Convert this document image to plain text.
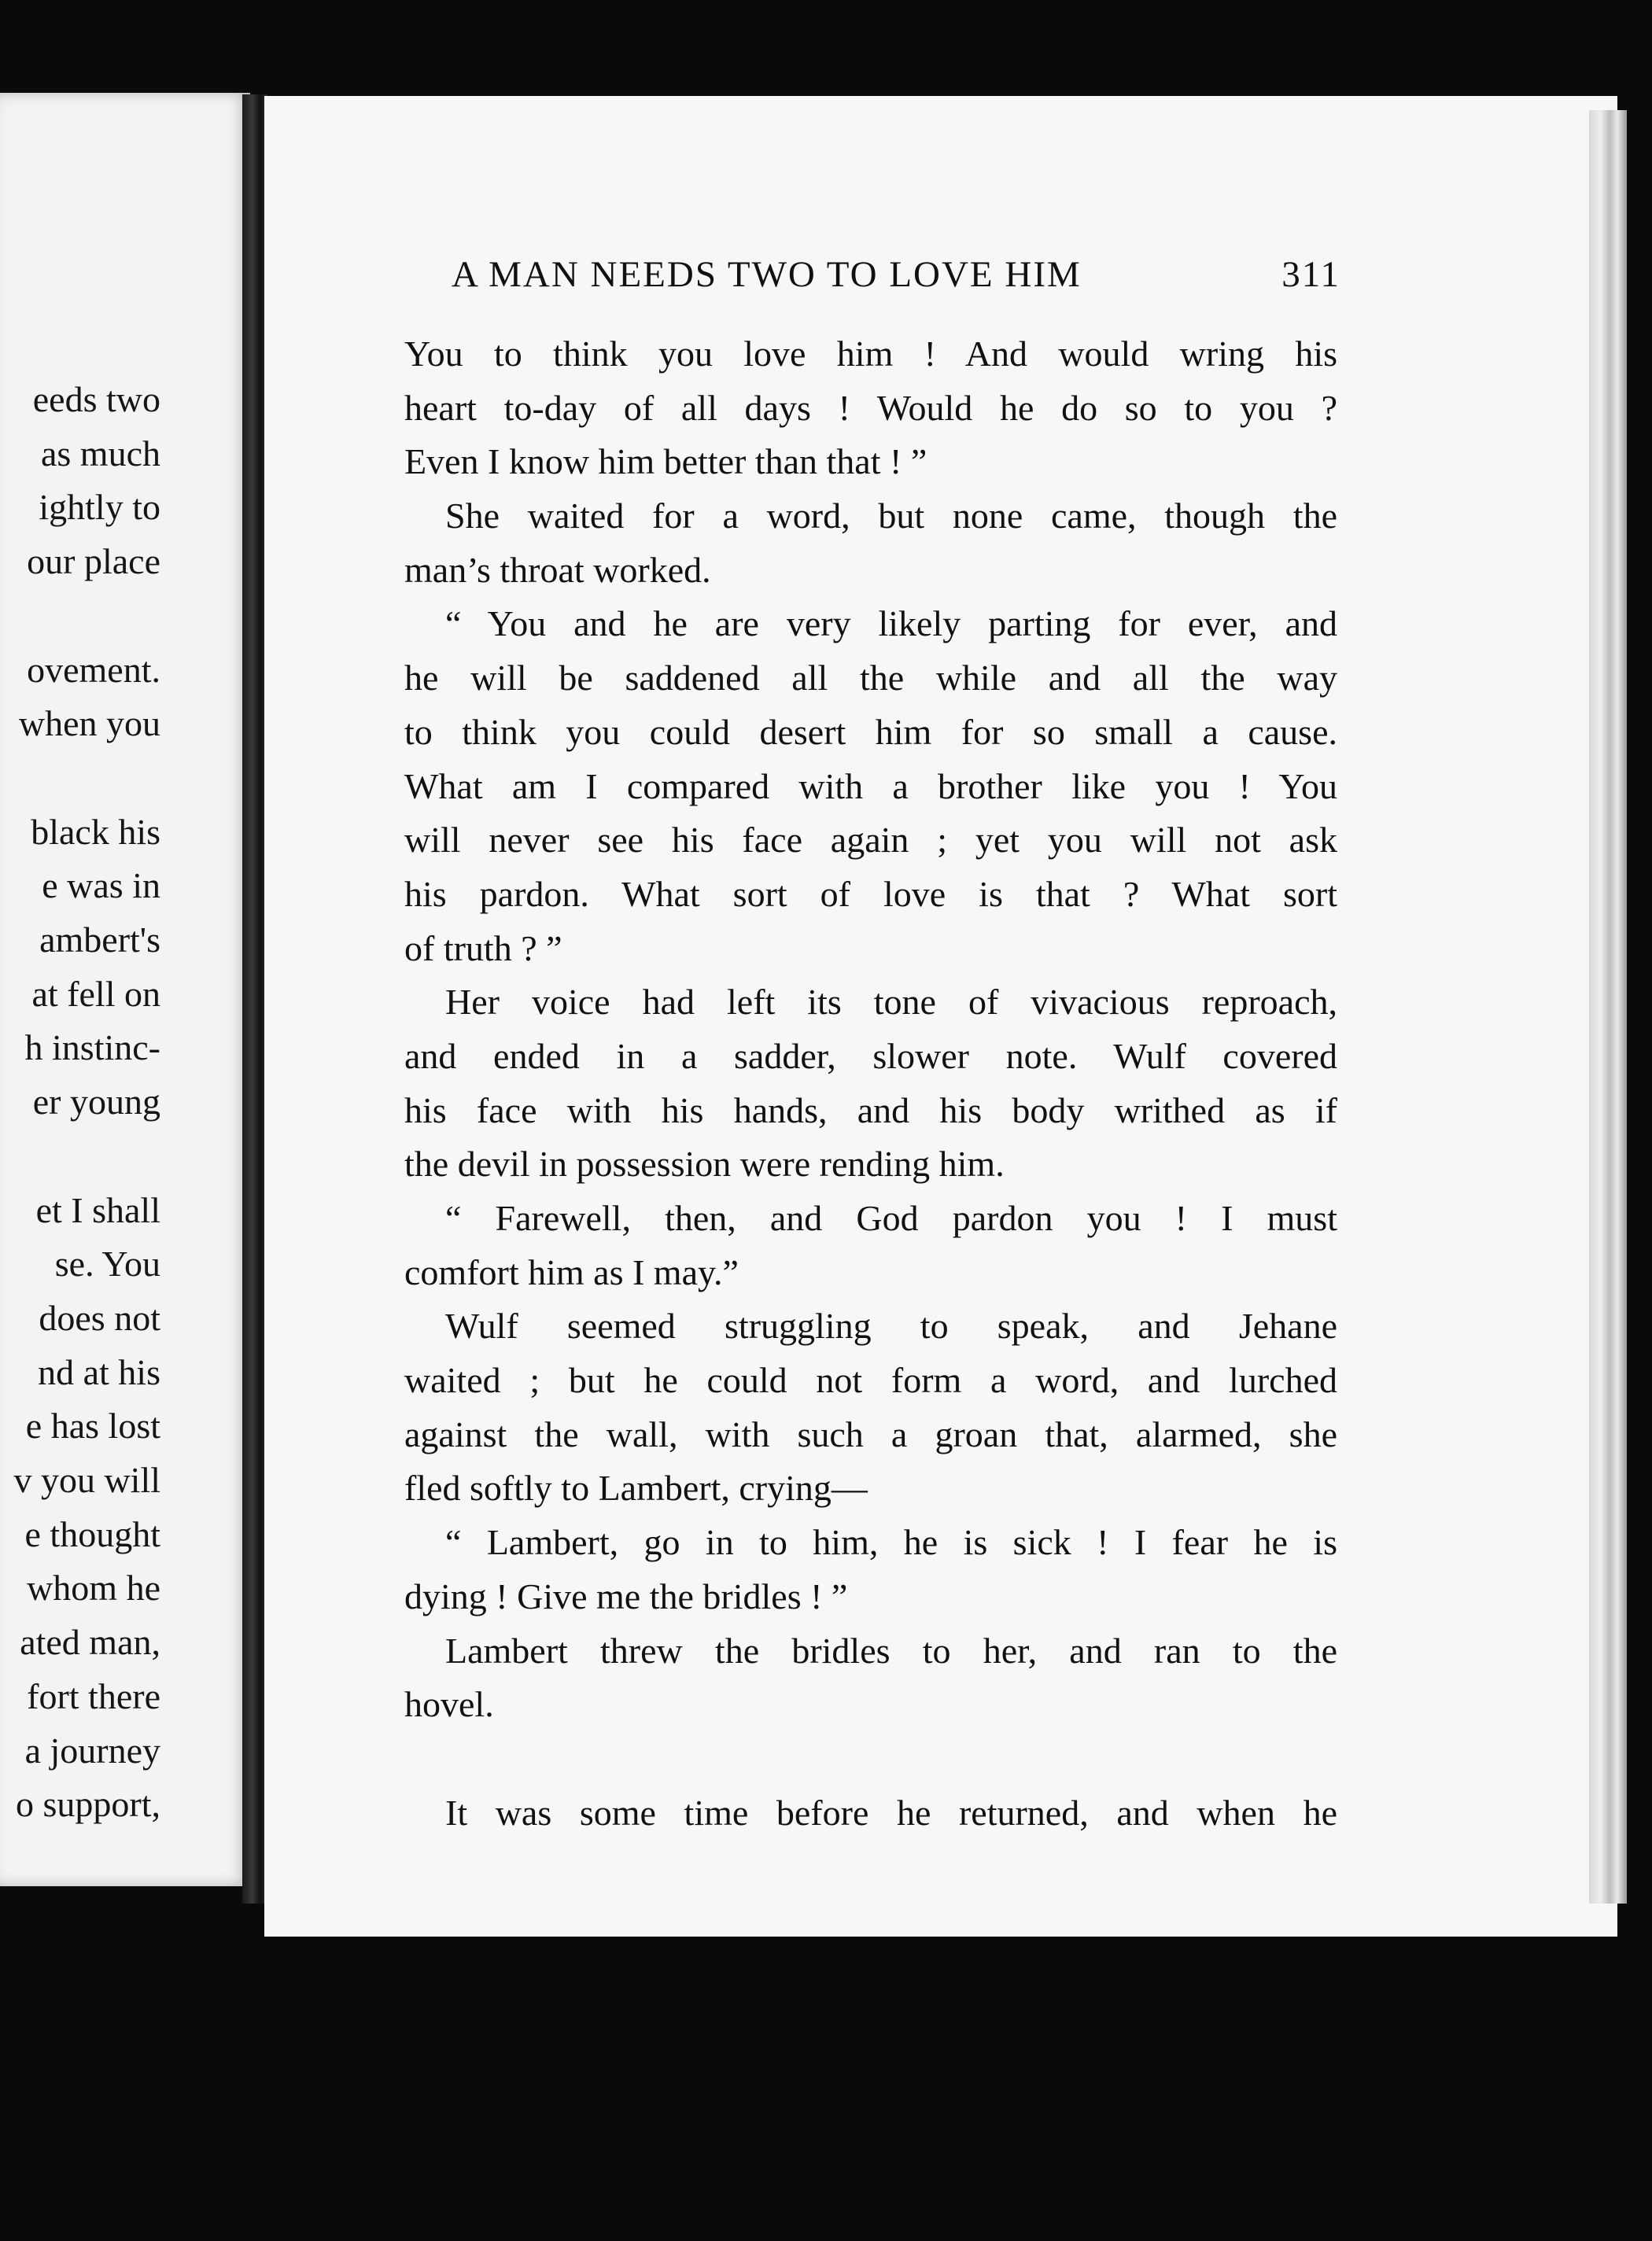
eeds two
as much
ightly to
our place
ovement.
when you
black his
e was in
ambert's
at fell on
h instinc-
er young
et I shall
se. You
does not
nd at his
e has lost
v you will
e thought
whom he
ated man,
fort there
a journey
o support,
A MAN NEEDS TWO TO LOVE HIM	311
You to think you love him ! And would wring his
heart to-day of all days ! Would he do so to you ?
Even I know him better than that ! ”
She waited for a word, but none came, though the
man’s throat worked.
“ You and he are very likely parting for ever, and
he will be saddened all the while and all the way
to think you could desert him for so small a cause.
What am I compared with a brother like you ! You
will never see his face again ; yet you will not ask
his pardon. What sort of love is that ? What sort
of truth ? ”
Her voice had left its tone of vivacious reproach,
and ended in a sadder, slower note. Wulf covered
his face with his hands, and his body writhed as if
the devil in possession were rending him.
“ Farewell, then, and God pardon you ! I must
comfort him as I may.”
Wulf seemed struggling to speak, and Jehane
waited ; but he could not form a word, and lurched
against the wall, with such a groan that, alarmed, she
fled softly to Lambert, crying—
“ Lambert, go in to him, he is sick ! I fear he is
dying ! Give me the bridles ! ”
Lambert threw the bridles to her, and ran to the
hovel.
It was some time before he returned, and when he
